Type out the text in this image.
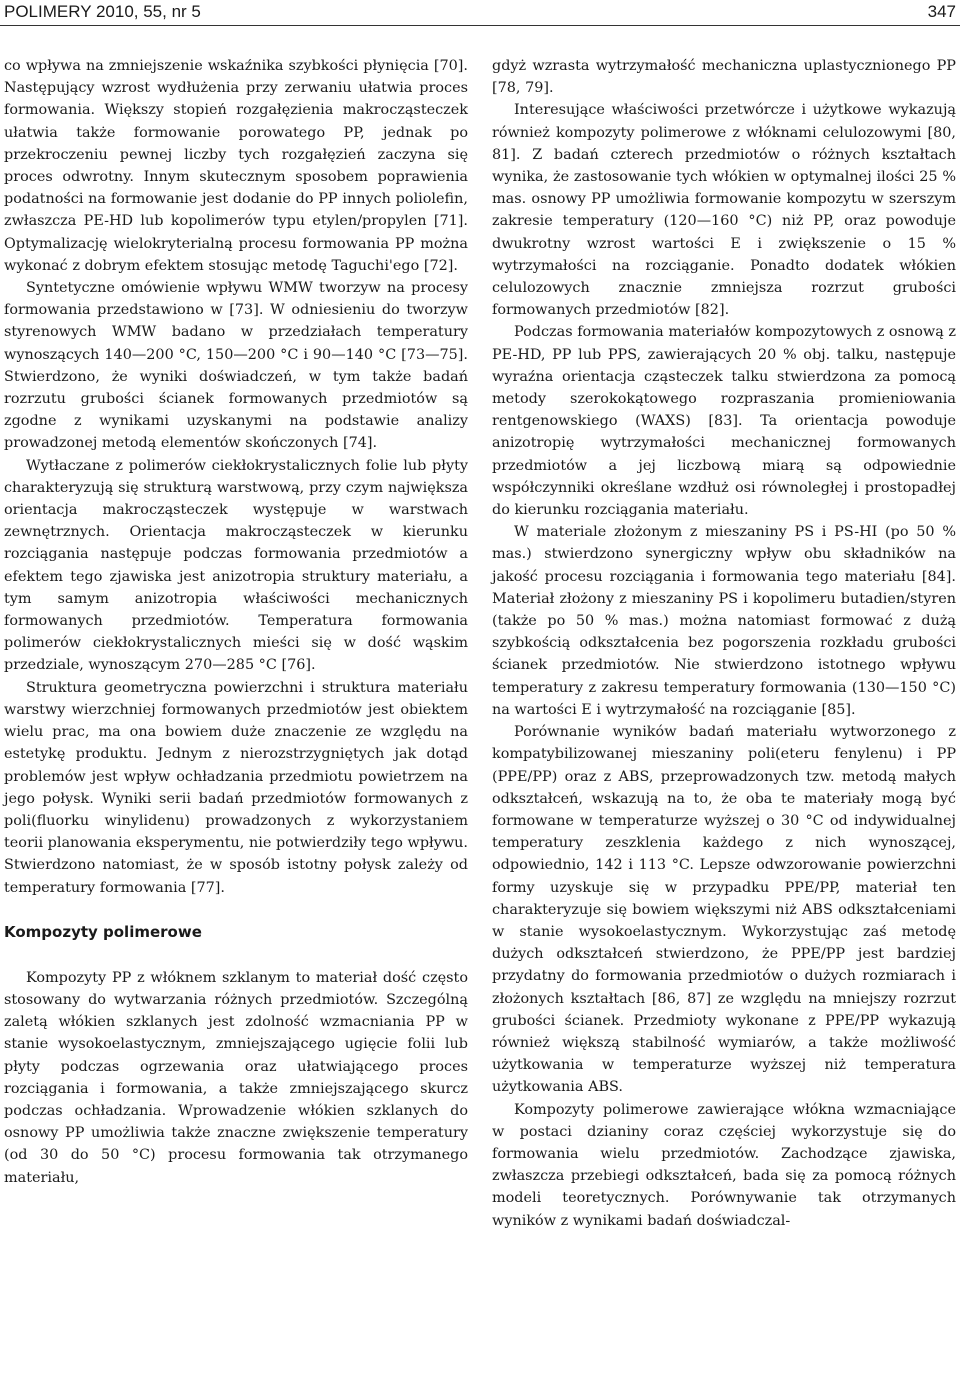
POLIMERY 2010, 55, nr 5	347

co wpływa na zmniejszenie wskaźnika szybkości płynięcia [70]. Następujący wzrost wydłużenia przy zerwaniu ułatwia proces formowania. Większy stopień rozgałęzienia makrocząsteczek ułatwia także formowanie porowatego PP, jednak po przekroczeniu pewnej liczby tych rozgałęzień zaczyna się proces odwrotny. Innym skutecznym sposobem poprawienia podatności na formowanie jest dodanie do PP innych poliolefin, zwłaszcza PE-HD lub kopolimerów typu etylen/propylen [71]. Optymalizację wielokryterialną procesu formowania PP można wykonać z dobrym efektem stosując metodę Taguchi'ego [72].

Syntetyczne omówienie wpływu WMW tworzyw na procesy formowania przedstawiono w [73]. W odniesieniu do tworzyw styrenowych WMW badano w przedziałach temperatury wynoszących 140—200 °C, 150—200 °C i 90—140 °C [73—75]. Stwierdzono, że wyniki doświadczeń, w tym także badań rozrzutu grubości ścianek formowanych przedmiotów są zgodne z wynikami uzyskanymi na podstawie analizy prowadzonej metodą elementów skończonych [74].

Wytłaczane z polimerów ciekłokrystalicznych folie lub płyty charakteryzują się strukturą warstwową, przy czym największa orientacja makrocząsteczek występuje w warstwach zewnętrznych. Orientacja makrocząsteczek w kierunku rozciągania następuje podczas formowania przedmiotów a efektem tego zjawiska jest anizotropia struktury materiału, a tym samym anizotropia właściwości mechanicznych formowanych przedmiotów. Temperatura formowania polimerów ciekłokrystalicznych mieści się w dość wąskim przedziale, wynoszącym 270—285 °C [76].

Struktura geometryczna powierzchni i struktura materiału warstwy wierzchniej formowanych przedmiotów jest obiektem wielu prac, ma ona bowiem duże znaczenie ze względu na estetykę produktu. Jednym z nierozstrzygniętych jak dotąd problemów jest wpływ ochładzania przedmiotu powietrzem na jego połysk. Wyniki serii badań przedmiotów formowanych z poli(fluorku winylidenu) prowadzonych z wykorzystaniem teorii planowania eksperymentu, nie potwierdziły tego wpływu. Stwierdzono natomiast, że w sposób istotny połysk zależy od temperatury formowania [77].

Kompozyty polimerowe

Kompozyty PP z włóknem szklanym to materiał dość często stosowany do wytwarzania różnych przedmiotów. Szczególną zaletą włókien szklanych jest zdolność wzmacniania PP w stanie wysokoelastycznym, zmniejszającego ugięcie folii lub płyty podczas ogrzewania oraz ułatwiającego proces rozciągania i formowania, a także zmniejszającego skurcz podczas ochładzania. Wprowadzenie włókien szklanych do osnowy PP umożliwia także znaczne zwiększenie temperatury (od 30 do 50 °C) procesu formowania tak otrzymanego materiału,

gdyż wzrasta wytrzymałość mechaniczna uplastycznionego PP [78, 79].

Interesujące właściwości przetwórcze i użytkowe wykazują również kompozyty polimerowe z włóknami celulozowymi [80, 81]. Z badań czterech przedmiotów o różnych kształtach wynika, że zastosowanie tych włókien w optymalnej ilości 25 % mas. osnowy PP umożliwia formowanie kompozytu w szerszym zakresie temperatury (120—160 °C) niż PP, oraz powoduje dwukrotny wzrost wartości E i zwiększenie o 15 % wytrzymałości na rozciąganie. Ponadto dodatek włókien celulozowych znacznie zmniejsza rozrzut grubości formowanych przedmiotów [82].

Podczas formowania materiałów kompozytowych z osnową z PE-HD, PP lub PPS, zawierających 20 % obj. talku, następuje wyraźna orientacja cząsteczek talku stwierdzona za pomocą metody szerokokątowego rozpraszania promieniowania rentgenowskiego (WAXS) [83]. Ta orientacja powoduje anizotropię wytrzymałości mechanicznej formowanych przedmiotów a jej liczbową miarą są odpowiednie współczynniki określane wzdłuż osi równoległej i prostopadłej do kierunku rozciągania materiału.

W materiale złożonym z mieszaniny PS i PS-HI (po 50 % mas.) stwierdzono synergiczny wpływ obu składników na jakość procesu rozciągania i formowania tego materiału [84]. Materiał złożony z mieszaniny PS i kopolimeru butadien/styren (także po 50 % mas.) można natomiast formować z dużą szybkością odkształcenia bez pogorszenia rozkładu grubości ścianek przedmiotów. Nie stwierdzono istotnego wpływu temperatury z zakresu temperatury formowania (130—150 °C) na wartości E i wytrzymałość na rozciąganie [85].

Porównanie wyników badań materiału wytworzonego z kompatybilizowanej mieszaniny poli(eteru fenylenu) i PP (PPE/PP) oraz z ABS, przeprowadzonych tzw. metodą małych odkształceń, wskazują na to, że oba te materiały mogą być formowane w temperaturze wyższej o 30 °C od indywidualnej temperatury zeszklenia każdego z nich wynoszącej, odpowiednio, 142 i 113 °C. Lepsze odwzorowanie powierzchni formy uzyskuje się w przypadku PPE/PP, materiał ten charakteryzuje się bowiem większymi niż ABS odkształceniami w stanie wysokoelastycznym. Wykorzystując zaś metodę dużych odkształceń stwierdzono, że PPE/PP jest bardziej przydatny do formowania przedmiotów o dużych rozmiarach i złożonych kształtach [86, 87] ze względu na mniejszy rozrzut grubości ścianek. Przedmioty wykonane z PPE/PP wykazują również większą stabilność wymiarów, a także możliwość użytkowania w temperaturze wyższej niż temperatura użytkowania ABS.

Kompozyty polimerowe zawierające włókna wzmacniające w postaci dzianiny coraz częściej wykorzystuje się do formowania wielu przedmiotów. Zachodzące zjawiska, zwłaszcza przebiegi odkształceń, bada się za pomocą różnych modeli teoretycznych. Porównywanie tak otrzymanych wyników z wynikami badań doświadczal-
